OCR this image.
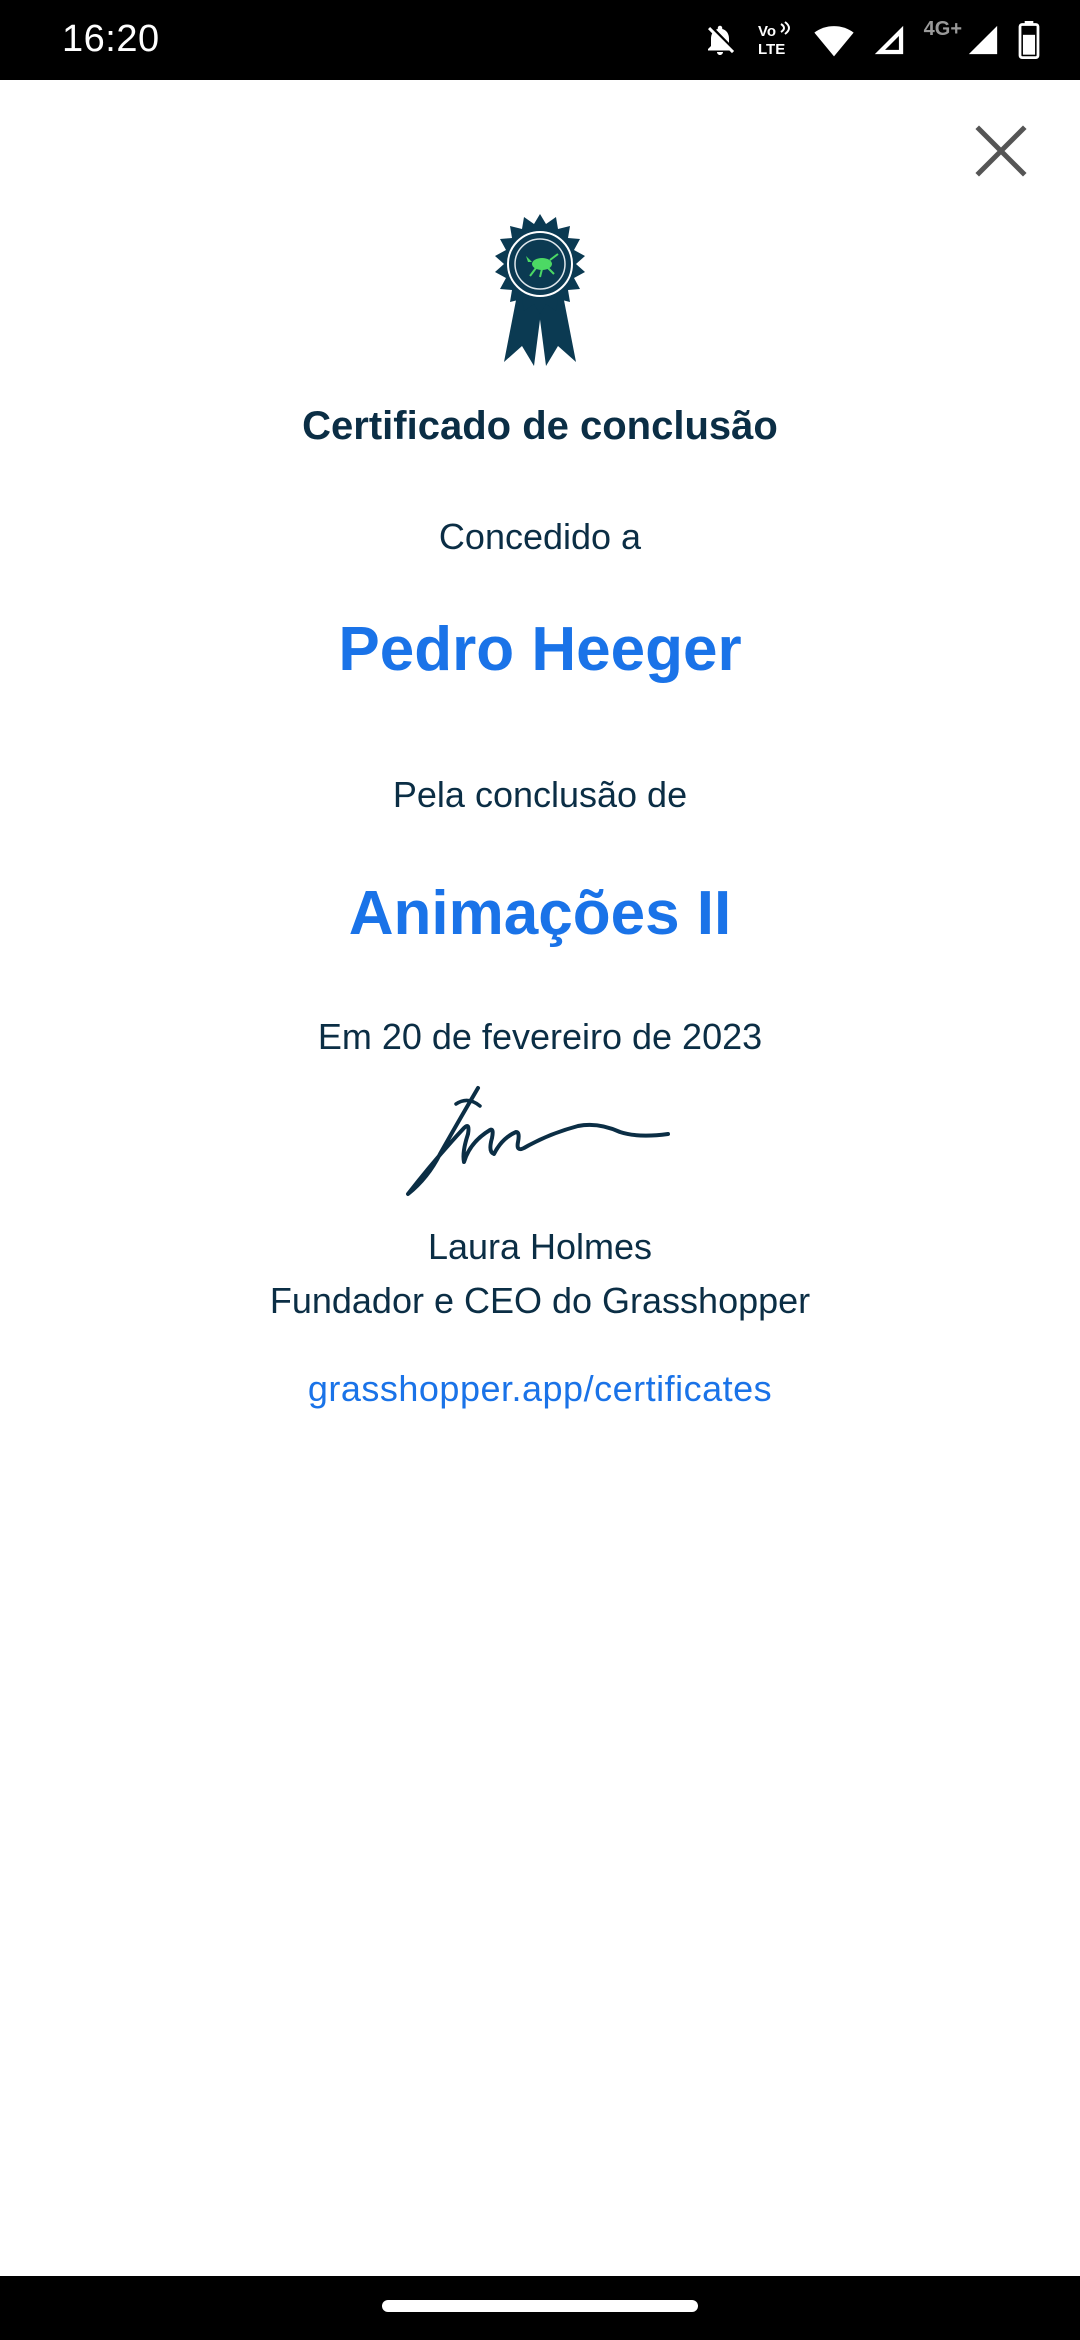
16:20	Vo
LTE
4G+
Certificado de conclusão
Concedido a
Pedro Heeger
Pela conclusão de
Animações II
Em 20 de fevereiro de 2023
Laura Holmes
Fundador e CEO do Grasshopper
grasshopper.app/certificates
